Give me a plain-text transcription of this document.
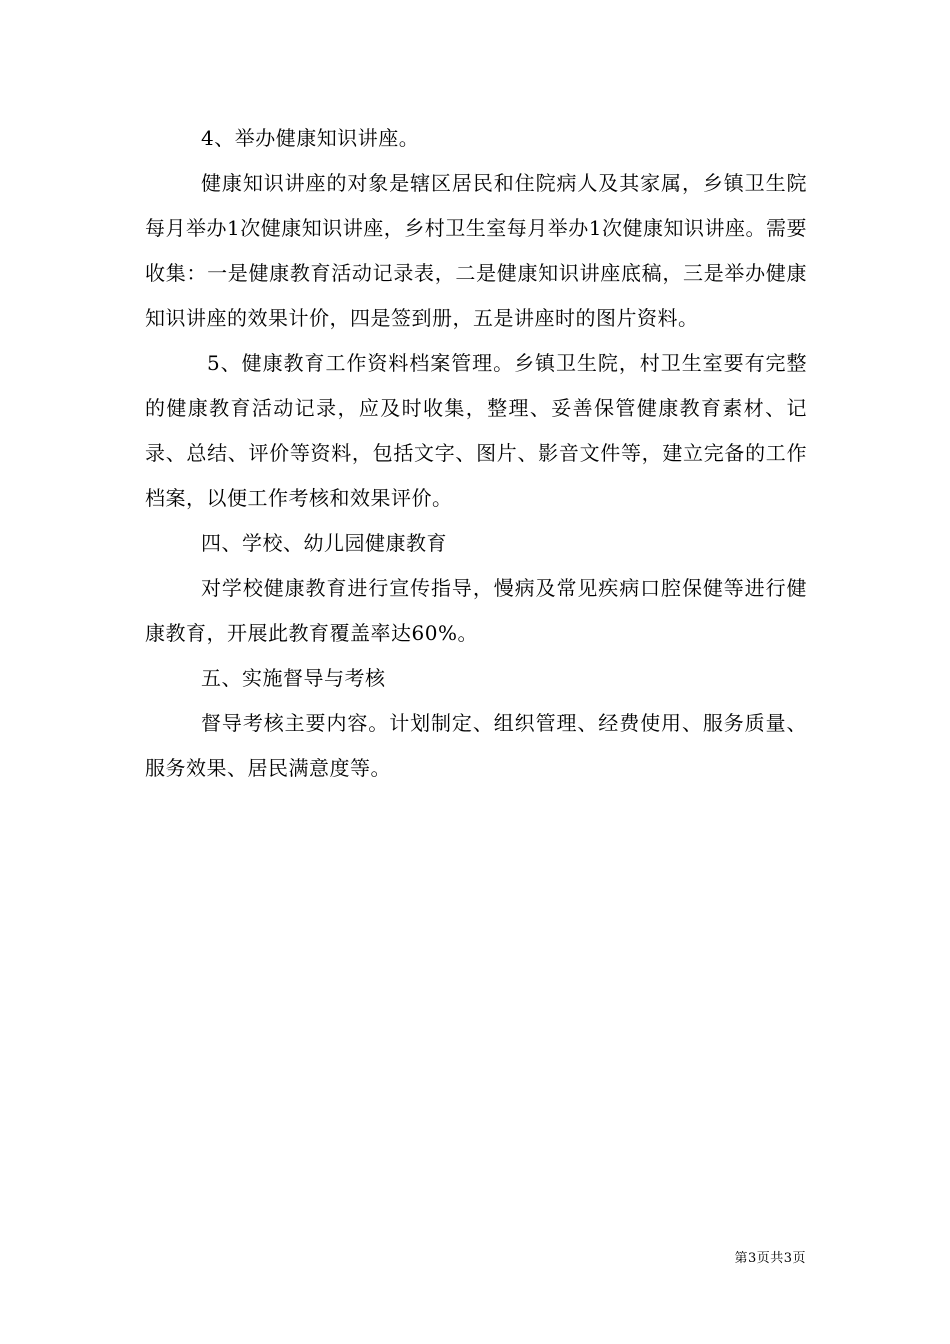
4、举办健康知识讲座。

健康知识讲座的对象是辖区居民和住院病人及其家属，乡镇卫生院每月举办1次健康知识讲座，乡村卫生室每月举办1次健康知识讲座。需要收集：一是健康教育活动记录表，二是健康知识讲座底稿，三是举办健康知识讲座的效果计价，四是签到册，五是讲座时的图片资料。

5、健康教育工作资料档案管理。乡镇卫生院，村卫生室要有完整的健康教育活动记录，应及时收集，整理、妥善保管健康教育素材、记录、总结、评价等资料，包括文字、图片、影音文件等，建立完备的工作档案，以便工作考核和效果评价。

四、学校、幼儿园健康教育

对学校健康教育进行宣传指导，慢病及常见疾病口腔保健等进行健康教育，开展此教育覆盖率达60%。

五、实施督导与考核

督导考核主要内容。计划制定、组织管理、经费使用、服务质量、服务效果、居民满意度等。

第3页共3页
